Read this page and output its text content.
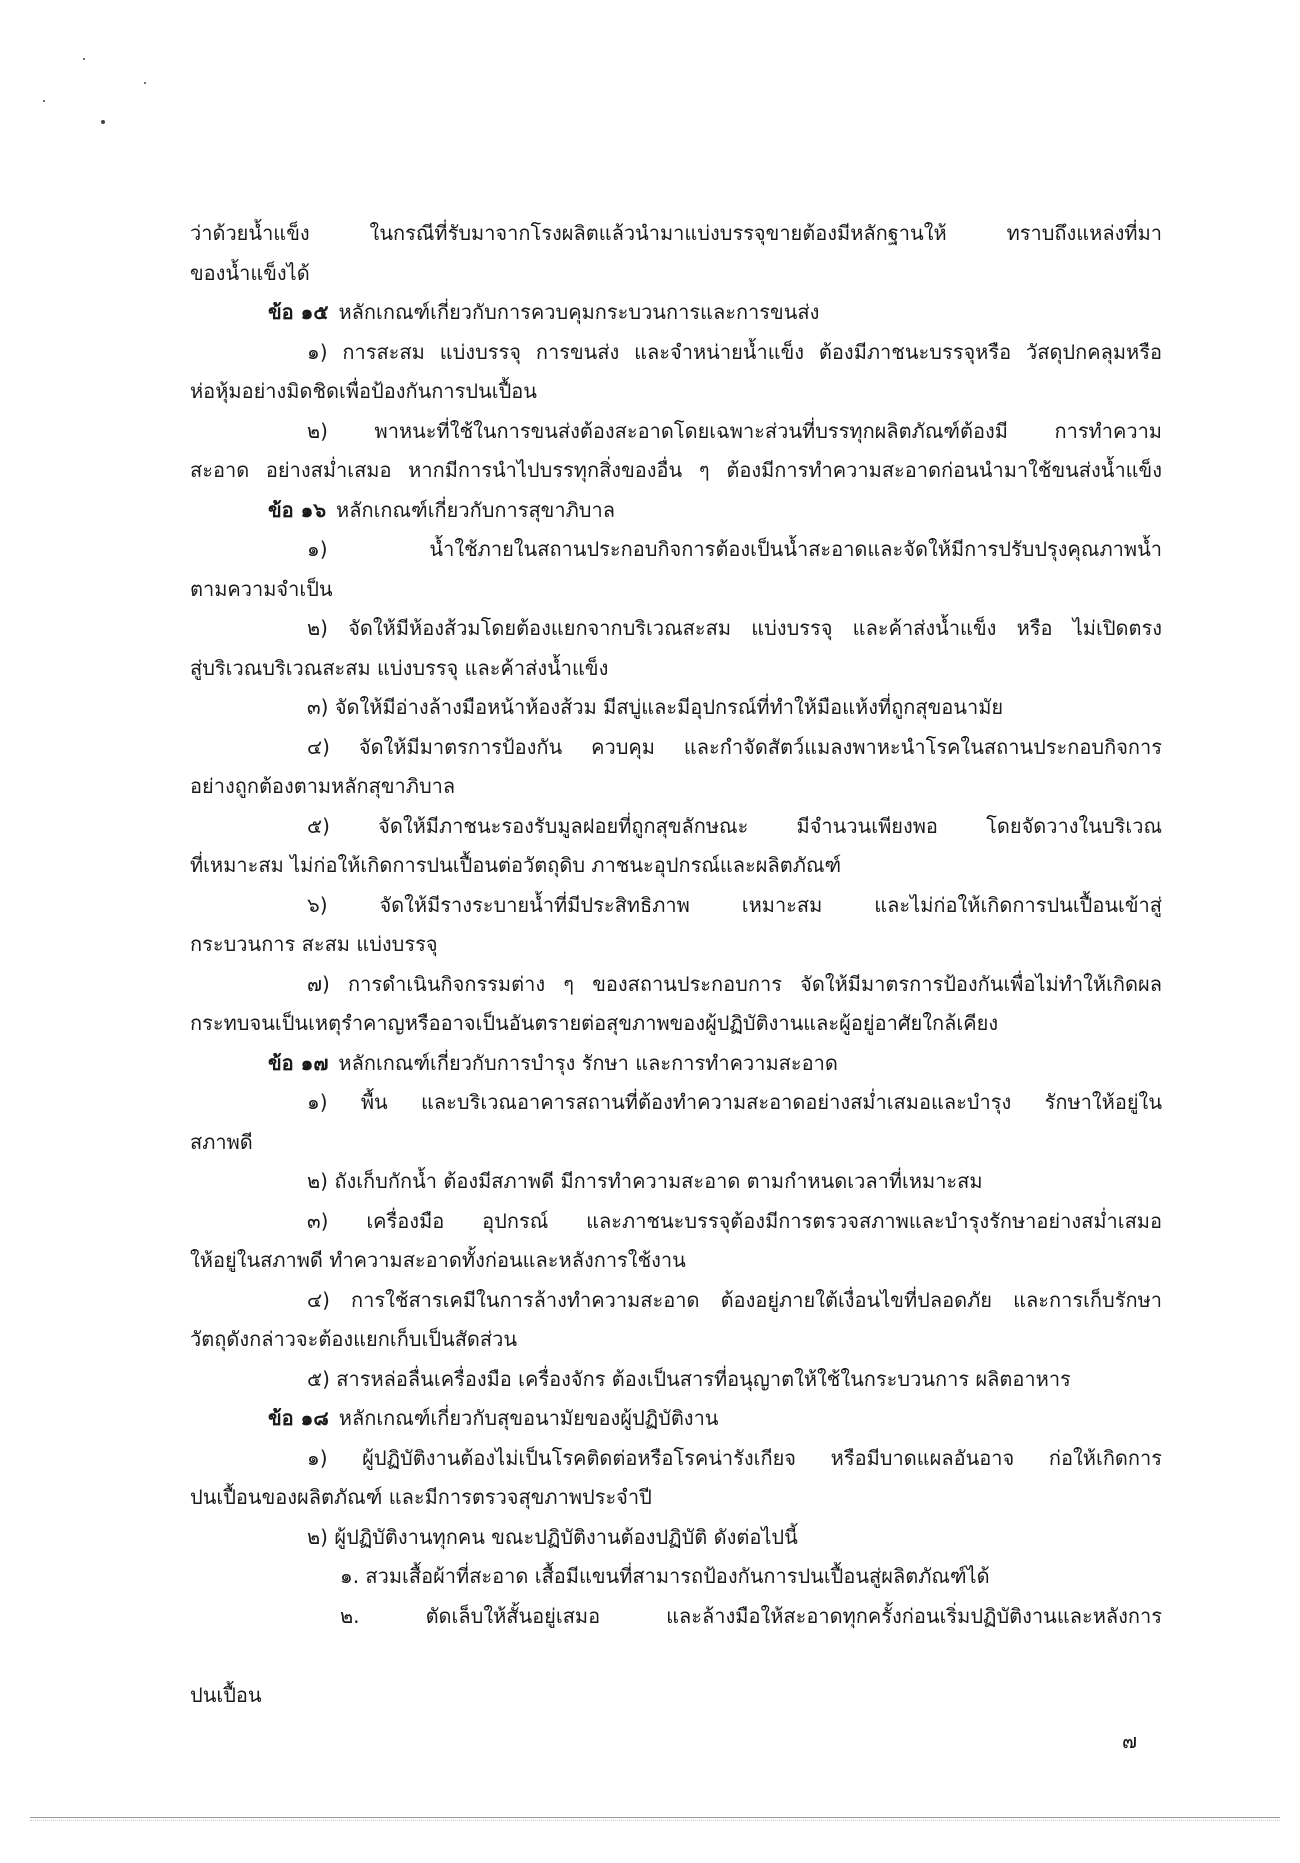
ว่าด้วยน้ำแข็ง ในกรณีที่รับมาจากโรงผลิตแล้วนำมาแบ่งบรรจุขายต้องมีหลักฐานให้ ทราบถึงแหล่งที่มา
ของน้ำแข็งได้
ข้อ ๑๕  หลักเกณฑ์เกี่ยวกับการควบคุมกระบวนการและการขนส่ง
๑) การสะสม แบ่งบรรจุ การขนส่ง และจำหน่ายน้ำแข็ง ต้องมีภาชนะบรรจุหรือ วัสดุปกคลุมหรือ
ห่อหุ้มอย่างมิดชิดเพื่อป้องกันการปนเปื้อน
๒) พาหนะที่ใช้ในการขนส่งต้องสะอาดโดยเฉพาะส่วนที่บรรทุกผลิตภัณฑ์ต้องมี การทำความ
สะอาด อย่างสม่ำเสมอ หากมีการนำไปบรรทุกสิ่งของอื่น ๆ ต้องมีการทำความสะอาดก่อนนำมาใช้ขนส่งน้ำแข็ง
ข้อ ๑๖  หลักเกณฑ์เกี่ยวกับการสุขาภิบาล
๑) น้ำใช้ภายในสถานประกอบกิจการต้องเป็นน้ำสะอาดและจัดให้มีการปรับปรุงคุณภาพน้ำ
ตามความจำเป็น
๒) จัดให้มีห้องส้วมโดยต้องแยกจากบริเวณสะสม แบ่งบรรจุ และค้าส่งน้ำแข็ง หรือ ไม่เปิดตรง
สู่บริเวณบริเวณสะสม แบ่งบรรจุ และค้าส่งน้ำแข็ง
๓) จัดให้มีอ่างล้างมือหน้าห้องส้วม มีสบู่และมีอุปกรณ์ที่ทำให้มือแห้งที่ถูกสุขอนามัย
๔) จัดให้มีมาตรการป้องกัน ควบคุม และกำจัดสัตว์แมลงพาหะนำโรคในสถานประกอบกิจการ
อย่างถูกต้องตามหลักสุขาภิบาล
๕) จัดให้มีภาชนะรองรับมูลฝอยที่ถูกสุขลักษณะ มีจำนวนเพียงพอ โดยจัดวางในบริเวณ
ที่เหมาะสม ไม่ก่อให้เกิดการปนเปื้อนต่อวัตถุดิบ ภาชนะอุปกรณ์และผลิตภัณฑ์
๖) จัดให้มีรางระบายน้ำที่มีประสิทธิภาพ เหมาะสม และไม่ก่อให้เกิดการปนเปื้อนเข้าสู่
กระบวนการ สะสม แบ่งบรรจุ
๗) การดำเนินกิจกรรมต่าง ๆ ของสถานประกอบการ จัดให้มีมาตรการป้องกันเพื่อไม่ทำให้เกิดผล
กระทบจนเป็นเหตุรำคาญหรืออาจเป็นอันตรายต่อสุขภาพของผู้ปฏิบัติงานและผู้อยู่อาศัยใกล้เคียง
ข้อ ๑๗  หลักเกณฑ์เกี่ยวกับการบำรุง รักษา และการทำความสะอาด
๑) พื้น และบริเวณอาคารสถานที่ต้องทำความสะอาดอย่างสม่ำเสมอและบำรุง รักษาให้อยู่ใน
สภาพดี
๒) ถังเก็บกักน้ำ ต้องมีสภาพดี มีการทำความสะอาด ตามกำหนดเวลาที่เหมาะสม
๓) เครื่องมือ อุปกรณ์ และภาชนะบรรจุต้องมีการตรวจสภาพและบำรุงรักษาอย่างสม่ำเสมอ
ให้อยู่ในสภาพดี ทำความสะอาดทั้งก่อนและหลังการใช้งาน
๔) การใช้สารเคมีในการล้างทำความสะอาด ต้องอยู่ภายใต้เงื่อนไขที่ปลอดภัย และการเก็บรักษา
วัตถุดังกล่าวจะต้องแยกเก็บเป็นสัดส่วน
๕) สารหล่อลื่นเครื่องมือ เครื่องจักร ต้องเป็นสารที่อนุญาตให้ใช้ในกระบวนการ ผลิตอาหาร
ข้อ ๑๘  หลักเกณฑ์เกี่ยวกับสุขอนามัยของผู้ปฏิบัติงาน
๑) ผู้ปฏิบัติงานต้องไม่เป็นโรคติดต่อหรือโรคน่ารังเกียจ หรือมีบาดแผลอันอาจ ก่อให้เกิดการ
ปนเปื้อนของผลิตภัณฑ์ และมีการตรวจสุขภาพประจำปี
๒) ผู้ปฏิบัติงานทุกคน ขณะปฏิบัติงานต้องปฏิบัติ ดังต่อไปนี้
๑. สวมเสื้อผ้าที่สะอาด เสื้อมีแขนที่สามารถป้องกันการปนเปื้อนสู่ผลิตภัณฑ์ได้
๒. ตัดเล็บให้สั้นอยู่เสมอ และล้างมือให้สะอาดทุกครั้งก่อนเริ่มปฏิบัติงานและหลังการ
ปนเปื้อน
๗
